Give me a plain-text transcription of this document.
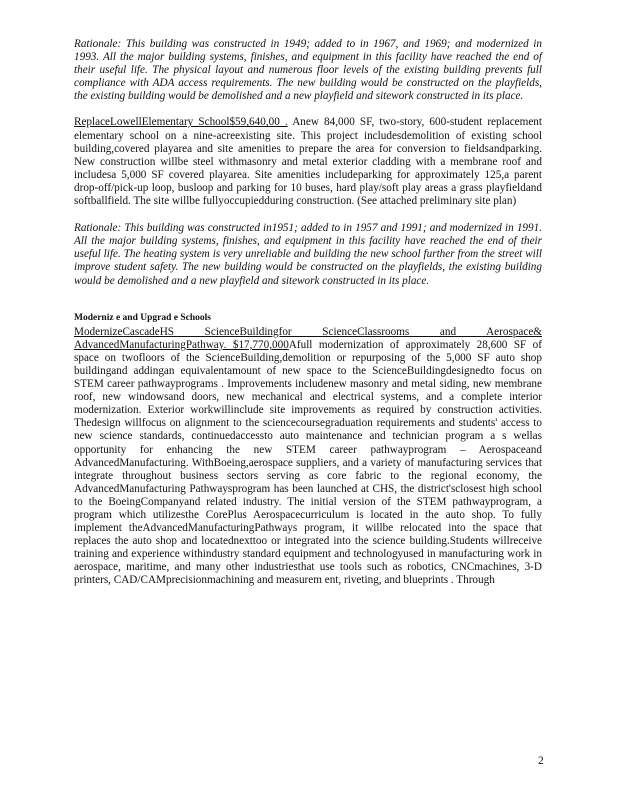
Rationale: This building was constructed in 1949; added to in 1967, and 1969; and modernized in 1993. All the major building systems, finishes, and equipment in this facility have reached the end of their useful life. The physical layout and numerous floor levels of the existing building prevents full compliance with ADA access requirements. The new building would be constructed on the playfields, the existing building would be demolished and a new playfield and sitework constructed in its place.

ReplaceLowellElementary School$59,640,00 . Anew 84,000 SF, two-story, 600-student replacement elementary school on a nine-acreexisting site. This project includesdemolition of existing school building,covered playarea and site amenities to prepare the area for conversion to fieldsandparking. New construction willbe steel withmasonry and metal exterior cladding with a membrane roof and includesa 5,000 SF covered playarea. Site amenities includeparking for approximately 125,a parent drop-off/pick-up loop, busloop and parking for 10 buses, hard play/soft play areas a grass playfieldand softballfield. The site willbe fullyoccupiedduring construction. (See attached preliminary site plan)

Rationale: This building was constructed in1951; added to in 1957 and 1991; and modernized in 1991. All the major building systems, finishes, and equipment in this facility have reached the end of their useful life. The heating system is very unreliable and building the new school further from the street will improve student safety. The new building would be constructed on the playfields, the existing building would be demolished and a new playfield and sitework constructed in its place.

Moderniz e and Upgrad e Schools

ModernizeCascadeHS ScienceBuildingfor ScienceClassrooms and Aerospace& AdvancedManufacturingPathway. $17,770,000Afull modernization of approximately 28,600 SF of space on twofloors of the ScienceBuilding,demolition or repurposing of the 5,000 SF auto shop buildingand addingan equivalentamount of new space to the ScienceBuildingdesignedto focus on STEM career pathwayprograms . Improvements includenew masonry and metal siding, new membrane roof, new windowsand doors, new mechanical and electrical systems, and a complete interior modernization. Exterior workwillinclude site improvements as required by construction activities. Thedesign willfocus on alignment to the sciencecoursegraduation requirements and students' access to new science standards, continuedaccessto auto maintenance and technician program a s wellas opportunity for enhancing the new STEM career pathwayprogram – Aerospaceand AdvancedManufacturing. WithBoeing,aerospace suppliers, and a variety of manufacturing services that integrate throughout business sectors serving as core fabric to the regional economy, the AdvancedManufacturing Pathwaysprogram has been launched at CHS, the district'sclosest high school to the BoeingCompanyand related industry. The initial version of the STEM pathwayprogram, a program which utilizesthe CorePlus Aerospacecurriculum is located in the auto shop. To fully implement theAdvancedManufacturingPathways program, it willbe relocated into the space that replaces the auto shop and locatednexttoo or integrated into the science building.Students willreceive training and experience withindustry standard equipment and technologyused in manufacturing work in aerospace, maritime, and many other industriesthat use tools such as robotics, CNCmachines, 3-D printers, CAD/CAMprecisionmachining and measurem ent, riveting, and blueprints . Through

2
